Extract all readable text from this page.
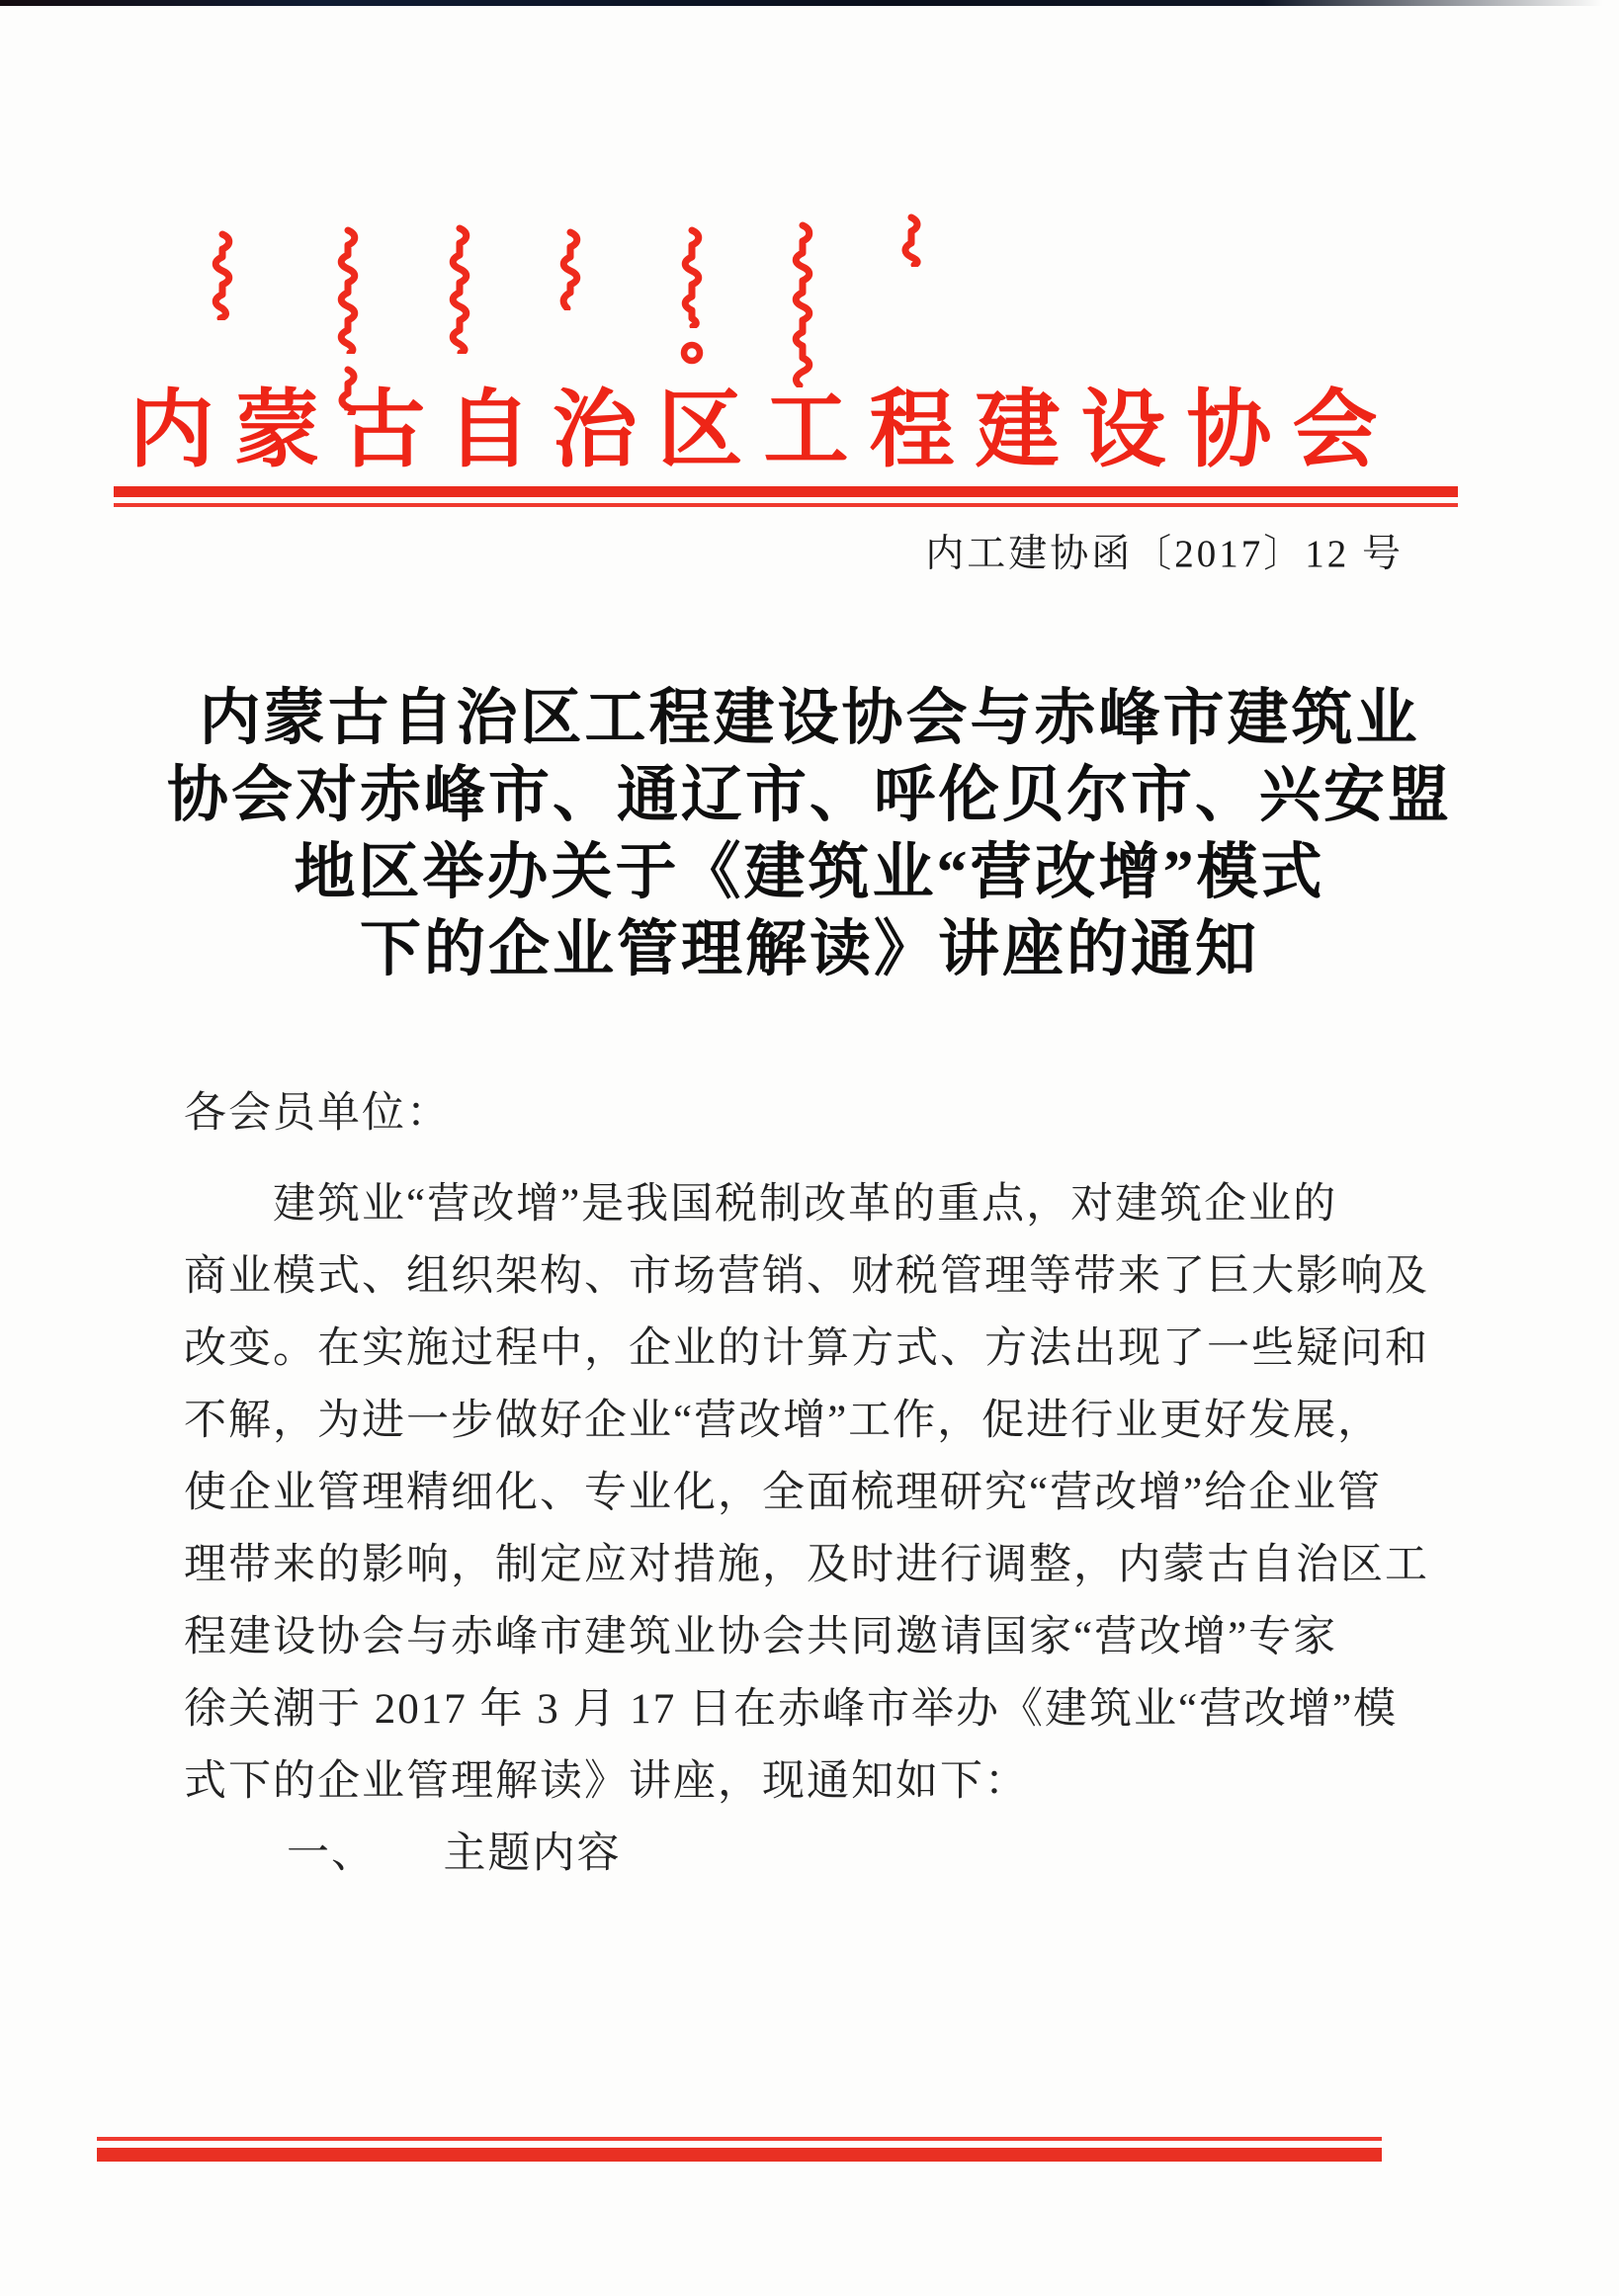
内蒙古自治区工程建设协会
内工建协函〔2017〕12 号
内蒙古自治区工程建设协会与赤峰市建筑业
协会对赤峰市、通辽市、呼伦贝尔市、兴安盟
地区举办关于《建筑业“营改增”模式
下的企业管理解读》讲座的通知
各会员单位：
建筑业“营改增”是我国税制改革的重点，对建筑企业的
商业模式、组织架构、市场营销、财税管理等带来了巨大影响及
改变。在实施过程中，企业的计算方式、方法出现了一些疑问和
不解，为进一步做好企业“营改增”工作，促进行业更好发展，
使企业管理精细化、专业化，全面梳理研究“营改增”给企业管
理带来的影响，制定应对措施，及时进行调整，内蒙古自治区工
程建设协会与赤峰市建筑业协会共同邀请国家“营改增”专家
徐关潮于 2017 年 3 月 17 日在赤峰市举办《建筑业“营改增”模
式下的企业管理解读》讲座，现通知如下：
一、　　主题内容
